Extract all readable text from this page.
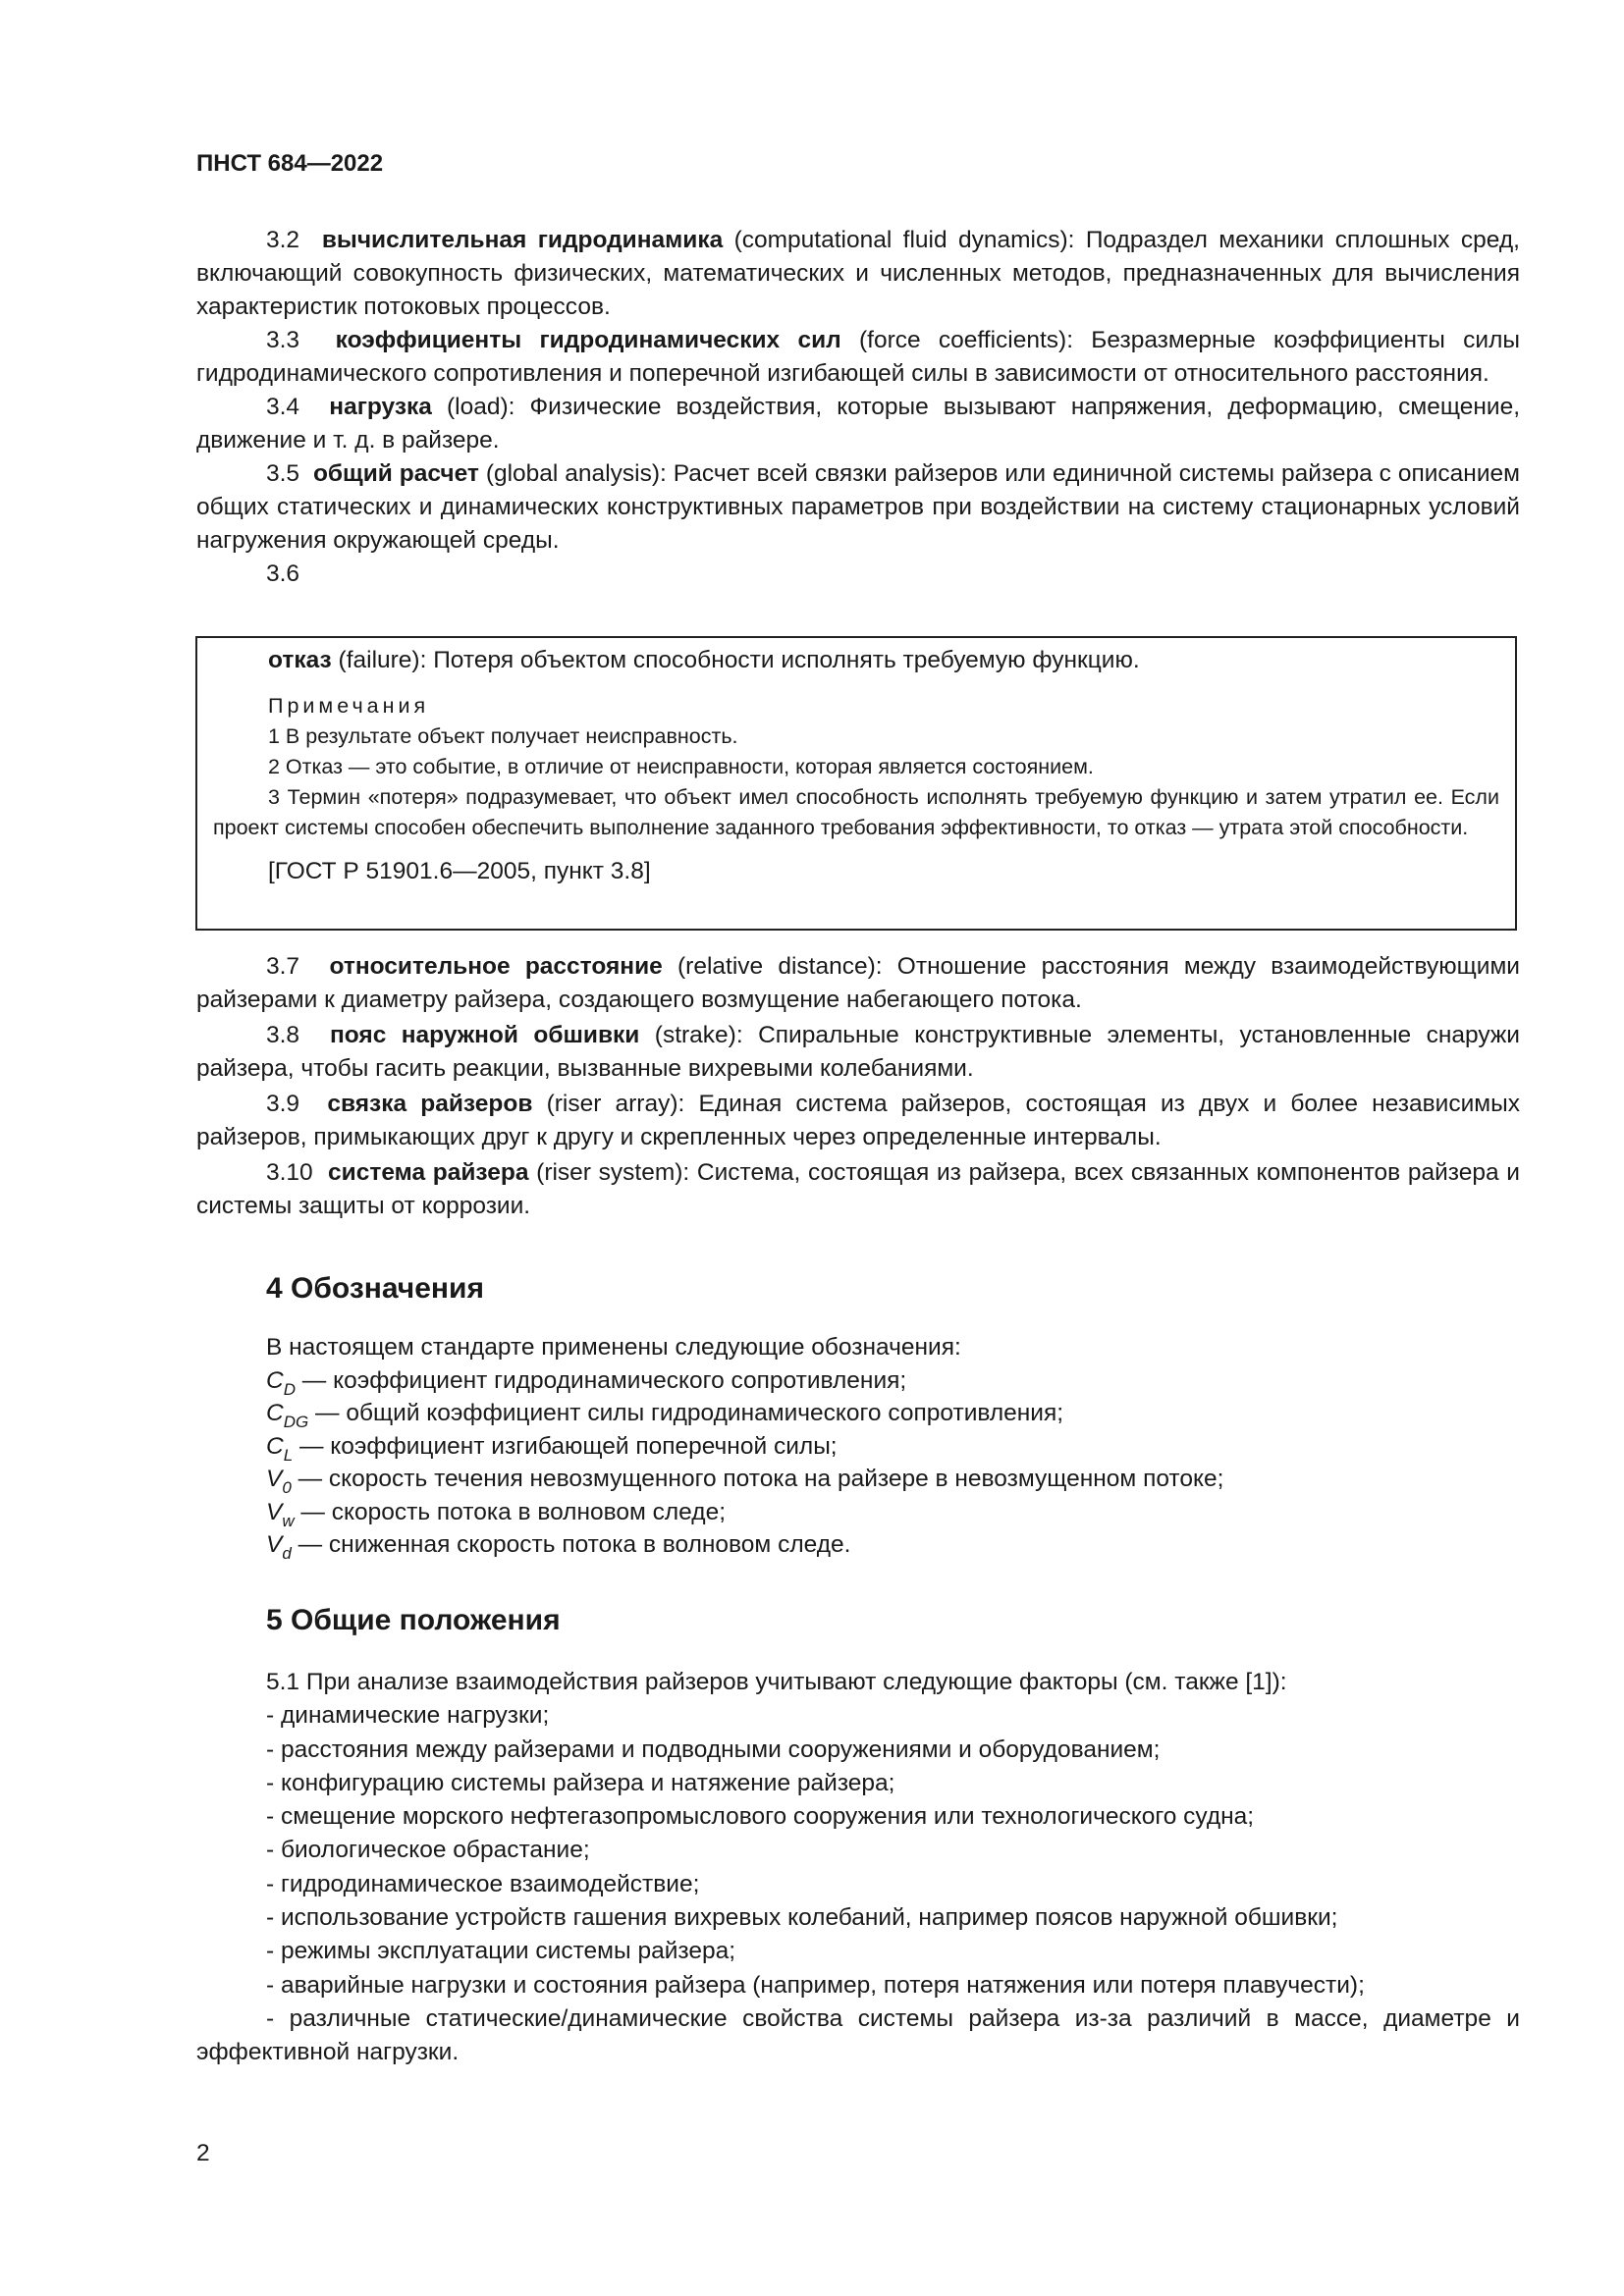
ПНСТ 684—2022

3.2 вычислительная гидродинамика (computational fluid dynamics): Подраздел механики сплошных сред, включающий совокупность физических, математических и численных методов, предназначенных для вычисления характеристик потоковых процессов.

3.3 коэффициенты гидродинамических сил (force coefficients): Безразмерные коэффициенты силы гидродинамического сопротивления и поперечной изгибающей силы в зависимости от относительного расстояния.

3.4 нагрузка (load): Физические воздействия, которые вызывают напряжения, деформацию, смещение, движение и т. д. в райзере.

3.5 общий расчет (global analysis): Расчет всей связки райзеров или единичной системы райзера с описанием общих статических и динамических конструктивных параметров при воздействии на систему стационарных условий нагружения окружающей среды.

3.6

отказ (failure): Потеря объектом способности исполнять требуемую функцию.

Примечания

1 В результате объект получает неисправность.

2 Отказ — это событие, в отличие от неисправности, которая является состоянием.

3 Термин «потеря» подразумевает, что объект имел способность исполнять требуемую функцию и затем утратил ее. Если проект системы способен обеспечить выполнение заданного требования эффективности, то отказ — утрата этой способности.

[ГОСТ Р 51901.6—2005, пункт 3.8]

3.7 относительное расстояние (relative distance): Отношение расстояния между взаимодействующими райзерами к диаметру райзера, создающего возмущение набегающего потока.

3.8 пояс наружной обшивки (strake): Спиральные конструктивные элементы, установленные снаружи райзера, чтобы гасить реакции, вызванные вихревыми колебаниями.

3.9 связка райзеров (riser array): Единая система райзеров, состоящая из двух и более независимых райзеров, примыкающих друг к другу и скрепленных через определенные интервалы.

3.10 система райзера (riser system): Система, состоящая из райзера, всех связанных компонентов райзера и системы защиты от коррозии.

4 Обозначения

В настоящем стандарте применены следующие обозначения:

$C_D$ — коэффициент гидродинамического сопротивления;

$C_{DG}$ — общий коэффициент силы гидродинамического сопротивления;

$C_L$ — коэффициент изгибающей поперечной силы;

$V_0$ — скорость течения невозмущенного потока на райзере в невозмущенном потоке;

$V_w$ — скорость потока в волновом следе;

$V_d$ — сниженная скорость потока в волновом следе.

5 Общие положения

5.1 При анализе взаимодействия райзеров учитывают следующие факторы (см. также [1]):

- динамические нагрузки;

- расстояния между райзерами и подводными сооружениями и оборудованием;

- конфигурацию системы райзера и натяжение райзера;

- смещение морского нефтегазопромыслового сооружения или технологического судна;

- биологическое обрастание;

- гидродинамическое взаимодействие;

- использование устройств гашения вихревых колебаний, например поясов наружной обшивки;

- режимы эксплуатации системы райзера;

- аварийные нагрузки и состояния райзера (например, потеря натяжения или потеря плавучести);

- различные статические/динамические свойства системы райзера из-за различий в массе, диаметре и эффективной нагрузки.

2
